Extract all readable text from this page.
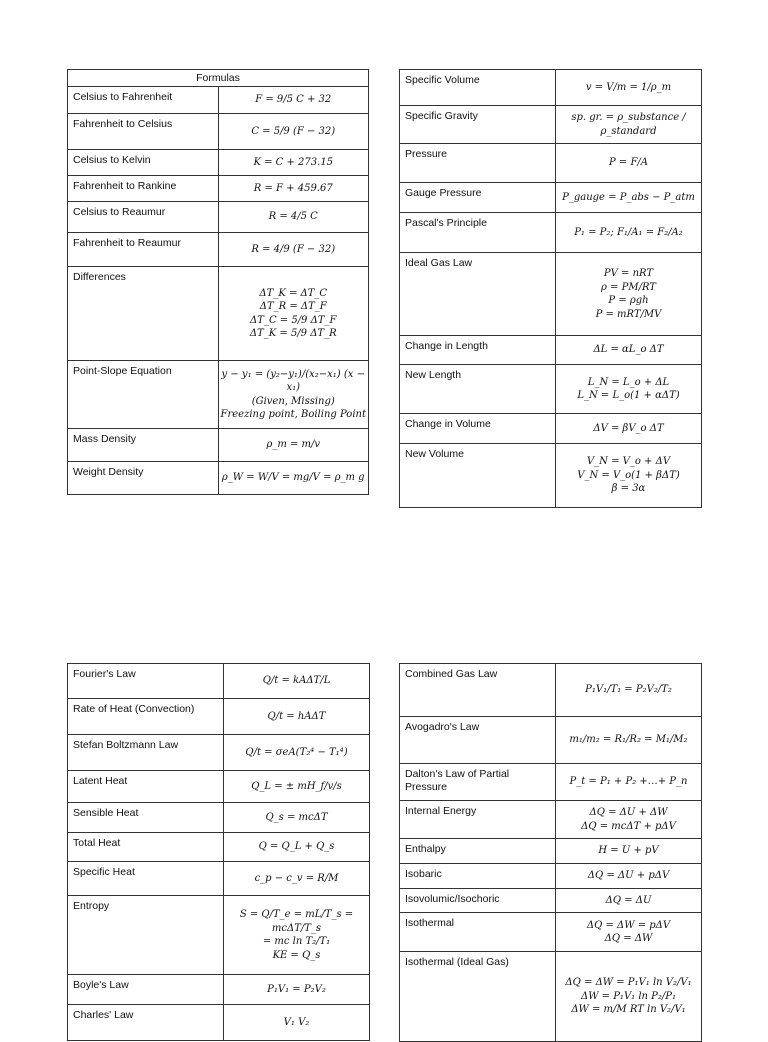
Formulas	
Celsius to Fahrenheit	F = 9/5 C + 32
Fahrenheit to Celsius	C = 5/9 (F − 32)
Celsius to Kelvin	K = C + 273.15
Fahrenheit to Rankine	R = F + 459.67
Celsius to Reaumur	R = 4/5 C
Fahrenheit to Reaumur	R = 4/9 (F − 32)
Differences	ΔT_K = ΔT_C
ΔT_R = ΔT_F
ΔT_C = 5/9 ΔT_F
ΔT_K = 5/9 ΔT_R
Point-Slope Equation	y − y₁ = (y₂−y₁)/(x₂−x₁) (x − x₁)
(Given, Missing)
Freezing point, Boiling Point
Mass Density	ρ_m = m/v
Weight Density	ρ_W = W/V = mg/V = ρ_m g
Specific Volume	v = V/m = 1/ρ_m
Specific Gravity	sp. gr. = ρ_substance / ρ_standard
Pressure	P = F/A
Gauge Pressure	P_gauge = P_abs − P_atm
Pascal's Principle	P₁ = P₂; F₁/A₁ = F₂/A₂
Ideal Gas Law	PV = nRT
ρ = PM/RT
P = ρgh
P = mRT/MV
Change in Length	ΔL = αL_o ΔT
New Length	L_N = L_o + ΔL
L_N = L_o(1 + αΔT)
Change in Volume	ΔV = βV_o ΔT
New Volume	V_N = V_o + ΔV
V_N = V_o(1 + βΔT)
β = 3α
Fourier's Law	Q/t = kAΔT/L
Rate of Heat (Convection)	Q/t = hAΔT
Stefan Boltzmann Law	Q/t = σeA(T₂⁴ − T₁⁴)
Latent Heat	Q_L = ± mH_f/v/s
Sensible Heat	Q_s = mcΔT
Total Heat	Q = Q_L + Q_s
Specific Heat	c_p − c_v = R/M
Entropy	S = Q/T_e = mL/T_s = mcΔT/T_s
= mc ln T₂/T₁
KE = Q_s
Boyle's Law	P₁V₁ = P₂V₂
Charles' Law	V₁ V₂
Combined Gas Law	P₁V₁/T₁ = P₂V₂/T₂
Avogadro's Law	m₁/m₂ = R₁/R₂ = M₁/M₂
Dalton's Law of Partial Pressure	P_t = P₁ + P₂ +…+ P_n
Internal Energy	ΔQ = ΔU + ΔW
ΔQ = mcΔT + pΔV
Enthalpy	H = U + pV
Isobaric	ΔQ = ΔU + pΔV
Isovolumic/Isochoric	ΔQ = ΔU
Isothermal	ΔQ = ΔW = pΔV
ΔQ = ΔW
Isothermal (Ideal Gas)	ΔQ = ΔW = P₁V₁ ln V₂/V₁
ΔW = P₁V₁ ln P₂/P₁
ΔW = m/M RT ln V₂/V₁
